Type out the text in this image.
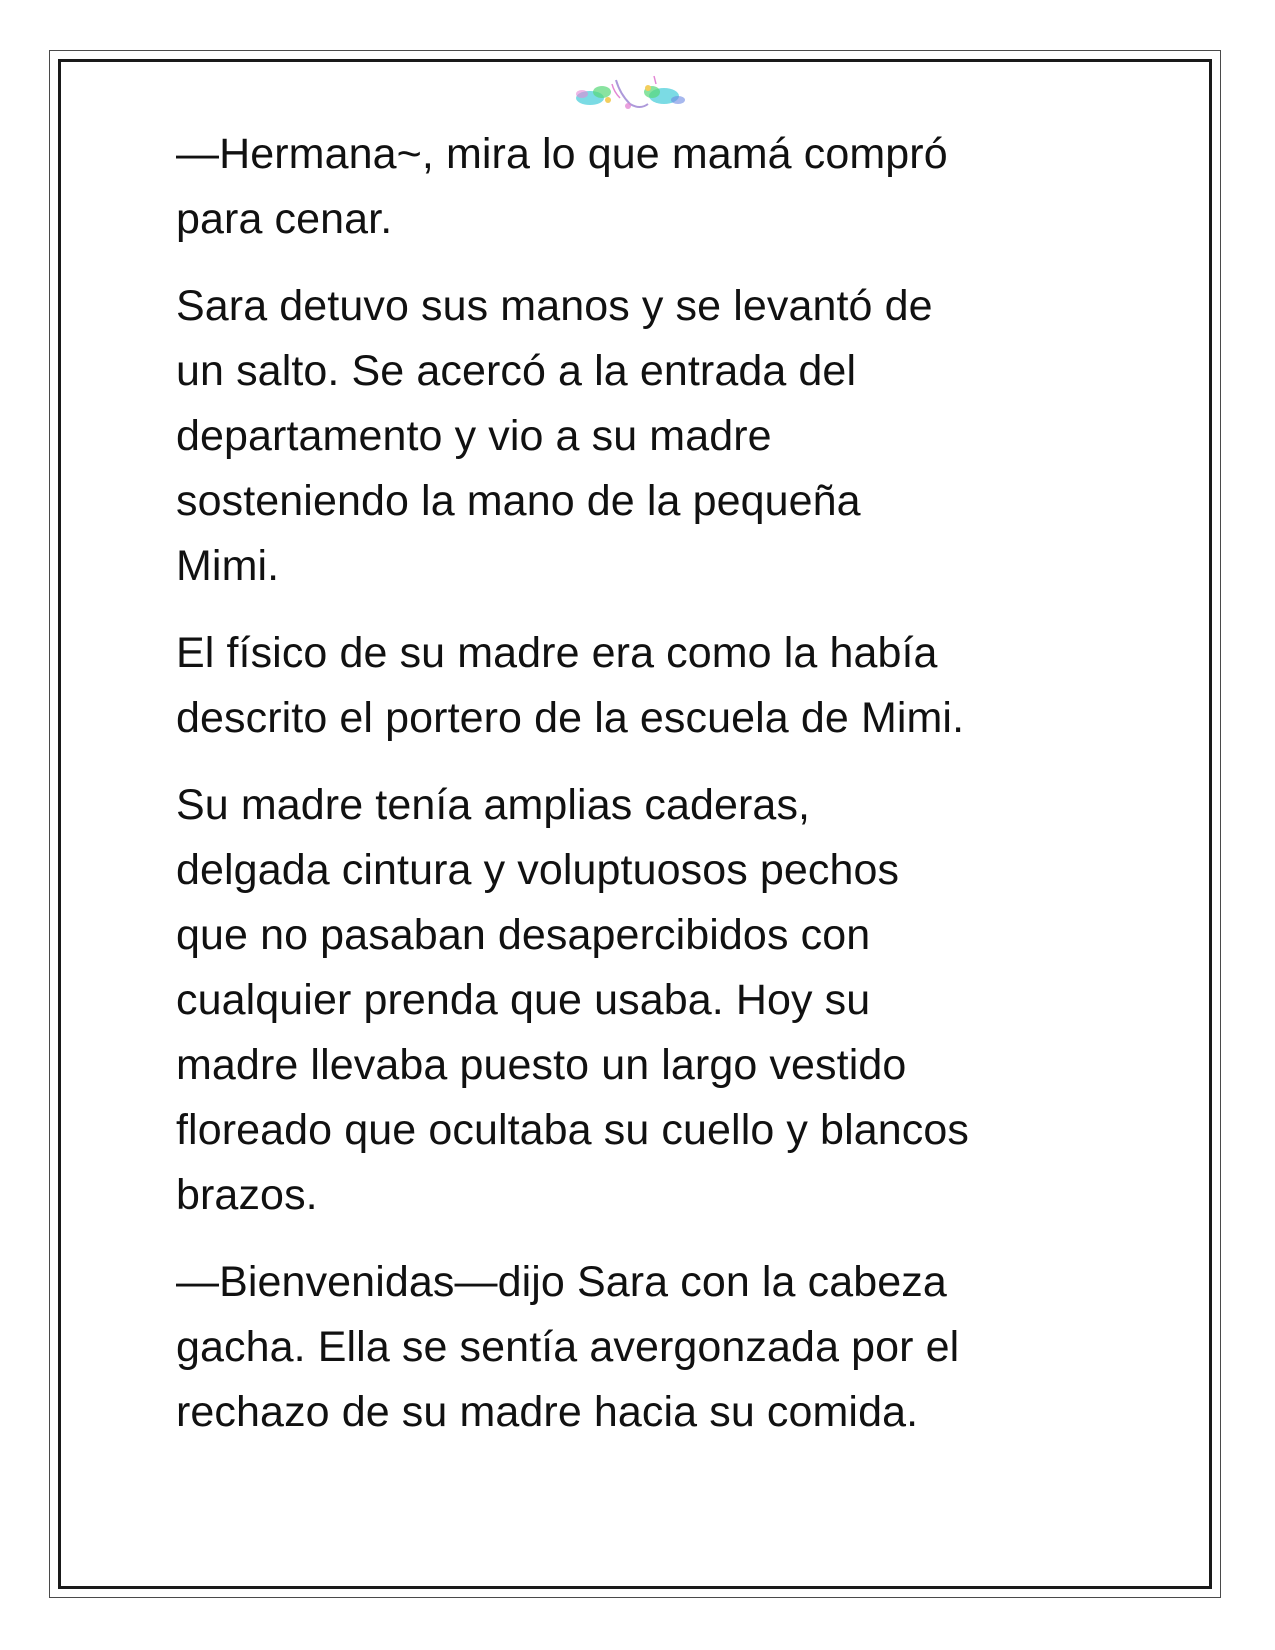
—Hermana~, mira lo que mamá compró
para cenar.

Sara detuvo sus manos y se levantó de
un salto. Se acercó a la entrada del
departamento y vio a su madre
sosteniendo la mano de la pequeña
Mimi.

El físico de su madre era como la había
descrito el portero de la escuela de Mimi.

Su madre tenía amplias caderas,
delgada cintura y voluptuosos pechos
que no pasaban desapercibidos con
cualquier prenda que usaba. Hoy su
madre llevaba puesto un largo vestido
floreado que ocultaba su cuello y blancos
brazos.

—Bienvenidas—dijo Sara con la cabeza
gacha. Ella se sentía avergonzada por el
rechazo de su madre hacia su comida.
